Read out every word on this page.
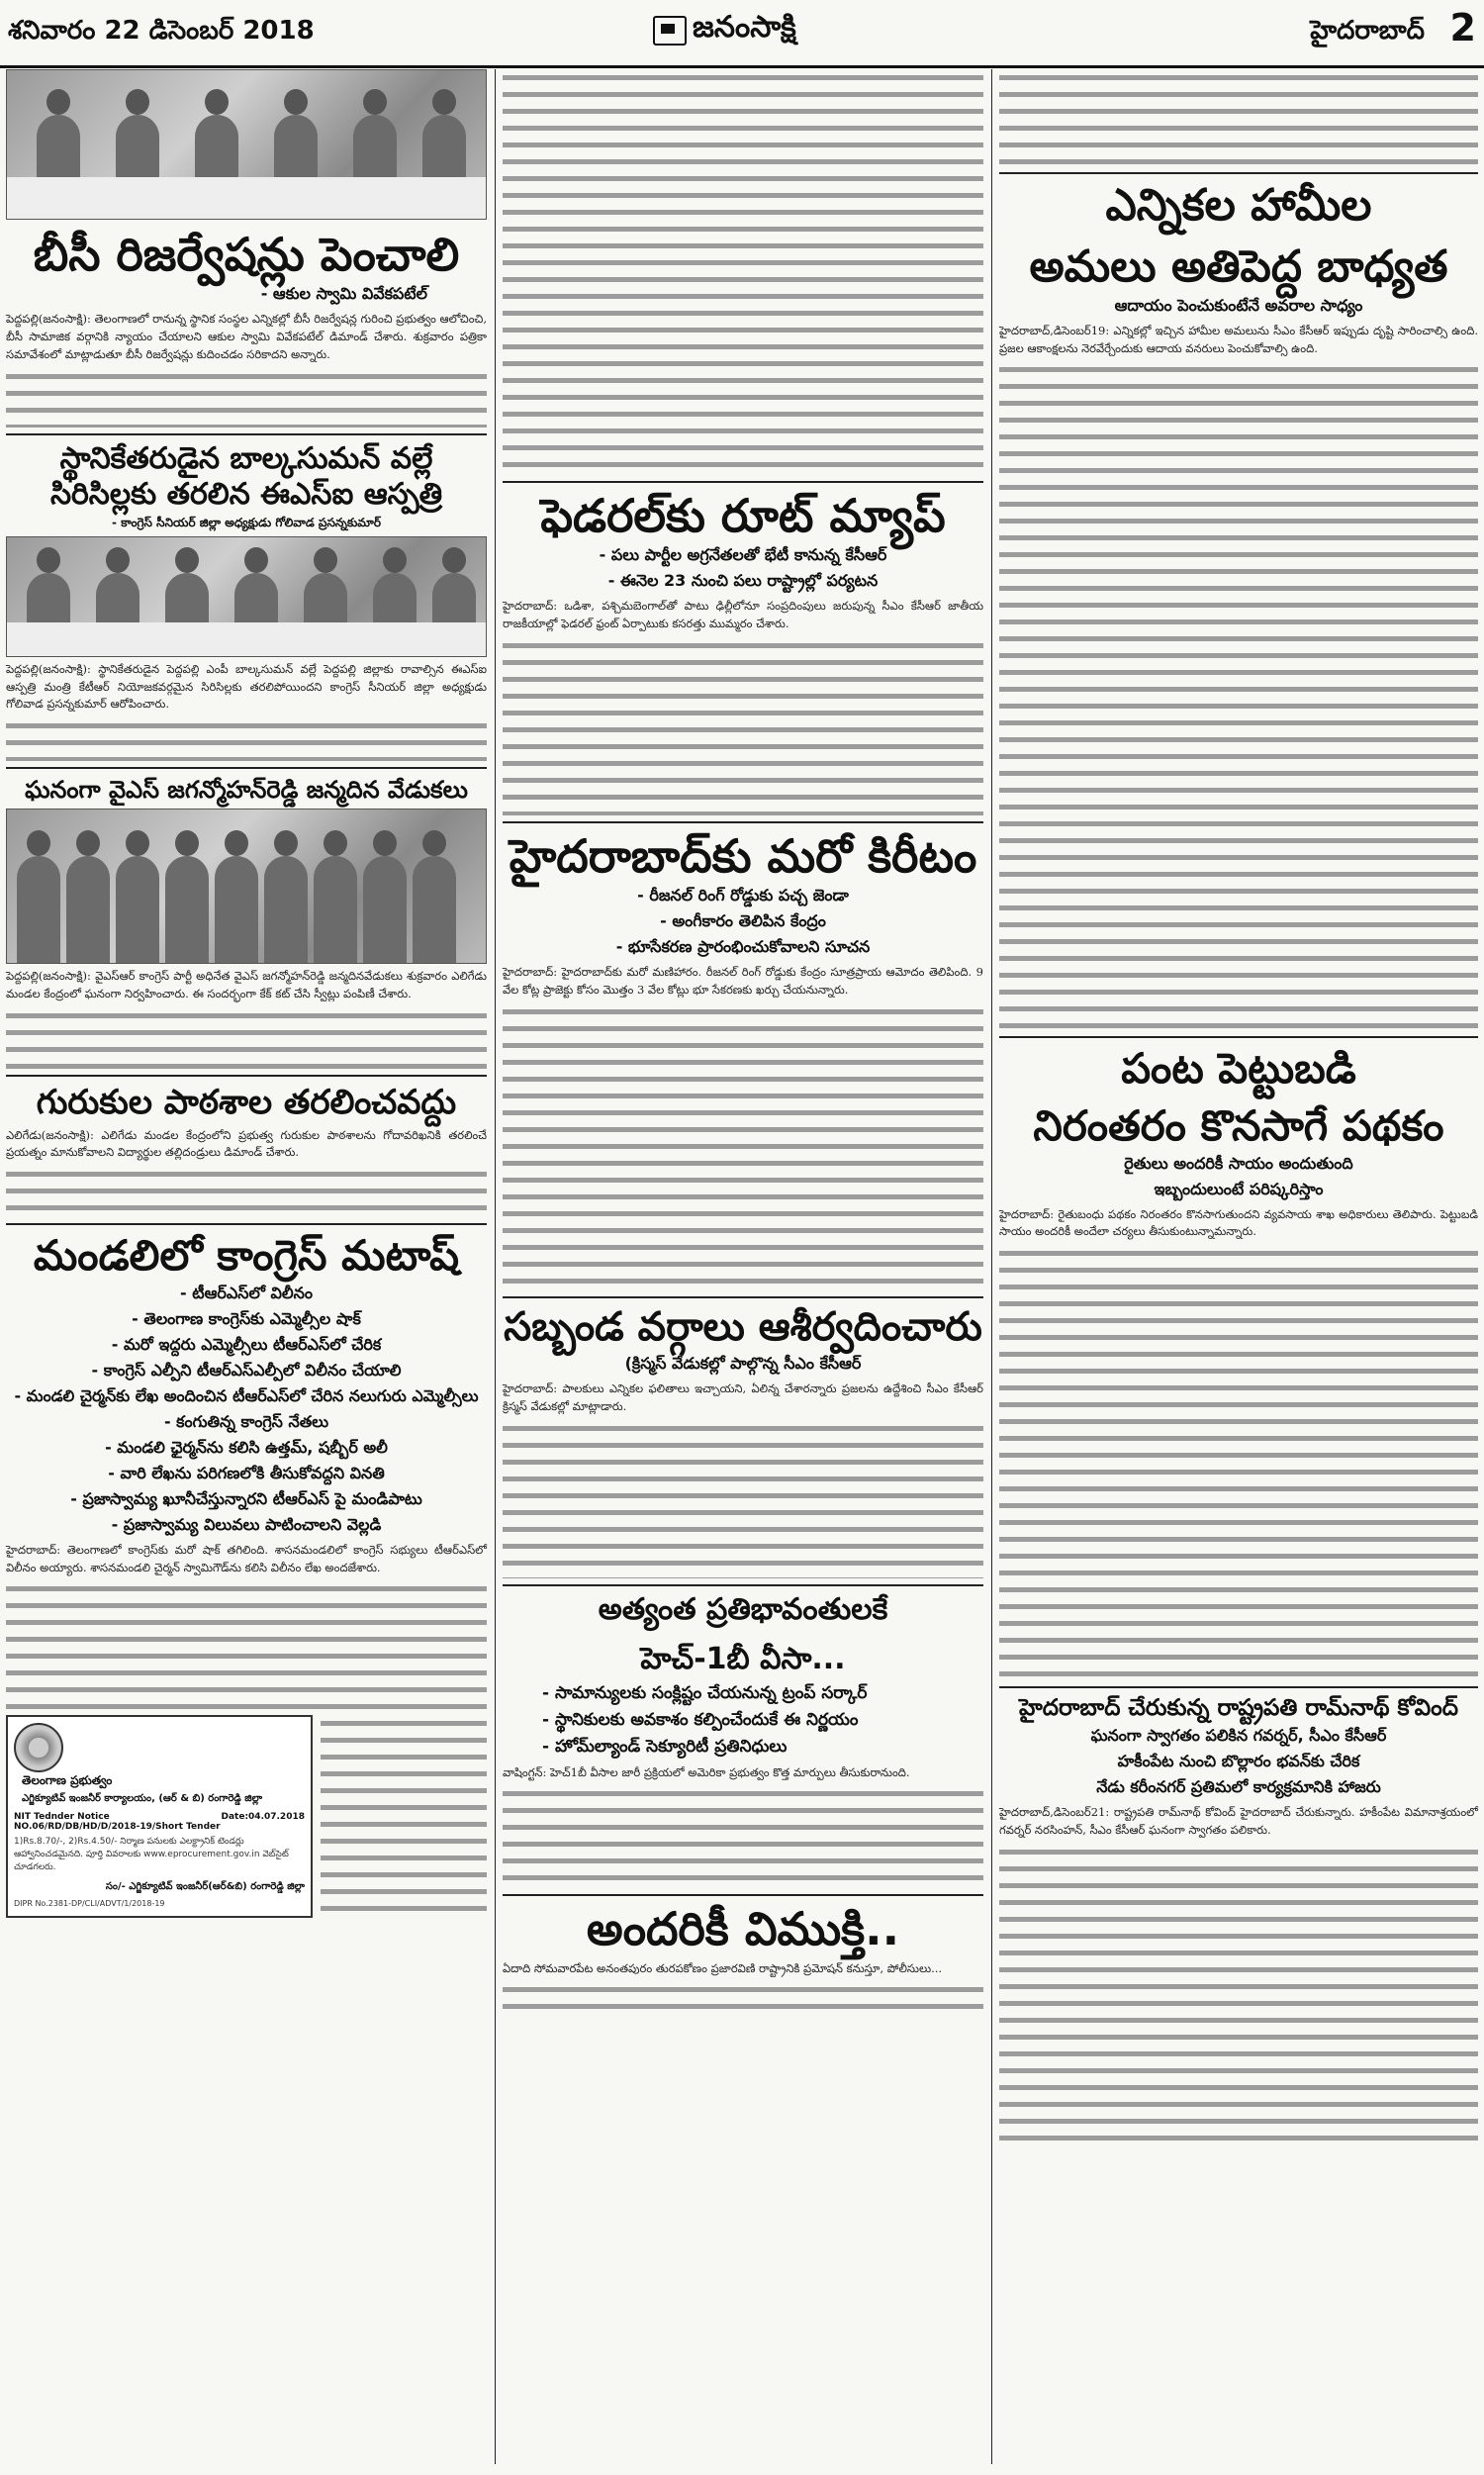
శనివారం 22 డిసెంబర్ 2018	జనంసాక్షి	హైదరాబాద్ 2
బీసీ రిజర్వేషన్లు పెంచాలి
- ఆకుల స్వామి వివేకపటేల్

పెద్దపల్లి(జనంసాక్షి): తెలంగాణలో రానున్న స్థానిక సంస్థల ఎన్నికల్లో బీసీ రిజర్వేషన్ల గురించి ప్రభుత్వం ఆలోచించి, బీసీ సామాజిక వర్గానికి న్యాయం చేయాలని ఆకుల స్వామి వివేకపటేల్ డిమాండ్ చేశారు. శుక్రవారం పత్రికా సమావేశంలో మాట్లాడుతూ బీసీ రిజర్వేషన్లు కుదించడం సరికాదని అన్నారు.

స్థానికేతరుడైన బాల్కసుమన్ వల్లే సిరిసిల్లకు తరలిన ఈఎస్ఐ ఆస్పత్రి
- కాంగ్రెస్ సీనియర్ జిల్లా అధ్యక్షుడు గోలివాడ ప్రసన్నకుమార్

పెద్దపల్లి(జనంసాక్షి): స్థానికేతరుడైన పెద్దపల్లి ఎంపీ బాల్కసుమన్ వల్లే పెద్దపల్లి జిల్లాకు రావాల్సిన ఈఎస్ఐ ఆస్పత్రి మంత్రి కేటీఆర్ నియోజకవర్గమైన సిరిసిల్లకు తరలిపోయిందని కాంగ్రెస్ సీనియర్ జిల్లా అధ్యక్షుడు గోలివాడ ప్రసన్నకుమార్ ఆరోపించారు.

ఘనంగా వైఎస్ జగన్మోహన్‌రెడ్డి జన్మదిన వేడుకలు

పెద్దపల్లి(జనంసాక్షి): వైఎస్ఆర్ కాంగ్రెస్ పార్టీ అధినేత వైఎస్ జగన్మోహన్‌రెడ్డి జన్మదినవేడుకలు శుక్రవారం ఎలిగేడు మండల కేంద్రంలో ఘనంగా నిర్వహించారు. ఈ సందర్భంగా కేక్ కట్ చేసి స్వీట్లు పంపిణీ చేశారు.

గురుకుల పాఠశాల తరలించవద్దు

ఎలిగేడు(జనంసాక్షి): ఎలిగేడు మండల కేంద్రంలోని ప్రభుత్వ గురుకుల పాఠశాలను గోదావరిఖనికి తరలించే ప్రయత్నం మానుకోవాలని విద్యార్థుల తల్లిదండ్రులు డిమాండ్ చేశారు.

మండలిలో కాంగ్రెస్ మటాష్
- టీఆర్ఎస్‌లో విలీనం
- తెలంగాణ కాంగ్రెస్‌కు ఎమ్మెల్సీల షాక్
- మరో ఇద్దరు ఎమ్మెల్సీలు టీఆర్ఎస్‌లో చేరిక
- కాంగ్రెస్ ఎల్పీని టీఆర్ఎస్ఎల్పీలో విలీనం చేయాలి
- మండలి చైర్మన్‌కు లేఖ అందించిన టీఆర్ఎస్‌లో చేరిన నలుగురు ఎమ్మెల్సీలు
- కంగుతిన్న కాంగ్రెస్ నేతలు
- మండలి ఛైర్మన్‌ను కలిసి ఉత్తమ్, షబ్బీర్ అలీ
- వారి లేఖను పరిగణలోకి తీసుకోవద్దని వినతి
- ప్రజాస్వామ్య ఖూనీచేస్తున్నారని టీఆర్ఎస్ పై మండిపాటు
- ప్రజాస్వామ్య విలువలు పాటించాలని వెల్లడి

హైదరాబాద్: తెలంగాణలో కాంగ్రెస్‌కు మరో షాక్ తగిలింది. శాసనమండలిలో కాంగ్రెస్ సభ్యులు టీఆర్ఎస్‌లో విలీనం అయ్యారు. శాసనమండలి చైర్మన్ స్వామిగౌడ్‌ను కలిసి విలీనం లేఖ అందజేశారు.

తెలంగాణ ప్రభుత్వం
ఎగ్జిక్యూటివ్ ఇంజనీర్ కార్యాలయం, (ఆర్ & బి) రంగారెడ్డి జిల్లా
NIT Tednder Notice NO.06/RD/DB/HD/D/2018-19/Short Tender
Date:04.07.2018
1)Rs.8.70/-, 2)Rs.4.50/- నిర్మాణ పనులకు ఎలక్ట్రానిక్ టెండర్లు ఆహ్వానించడమైనది. పూర్తి వివరాలకు www.eprocurement.gov.in వెబ్‌సైట్ చూడగలరు.
సం/- ఎగ్జిక్యూటివ్ ఇంజనీర్(ఆర్&బి) రంగారెడ్డి జిల్లా
DIPR No.2381-DP/CLI/ADVT/1/2018-19
ఫెడరల్‌కు రూట్ మ్యాప్
- పలు పార్టీల అగ్రనేతలతో భేటీ కానున్న కేసీఆర్
- ఈనెల 23 నుంచి పలు రాష్ట్రాల్లో పర్యటన

హైదరాబాద్: ఒడిశా, పశ్చిమబెంగాల్‌తో పాటు ఢిల్లీలోనూ సంప్రదింపులు జరుపున్న సీఎం కేసీఆర్ జాతీయ రాజకీయాల్లో ఫెడరల్ ఫ్రంట్ ఏర్పాటుకు కసరత్తు ముమ్మరం చేశారు.

హైదరాబాద్‌కు మరో కిరీటం
- రీజనల్ రింగ్ రోడ్డుకు పచ్చ జెండా
- అంగీకారం తెలిపిన కేంద్రం
- భూసేకరణ ప్రారంభించుకోవాలని సూచన

హైదరాబాద్: హైదరాబాద్‌కు మరో మణిహారం. రీజనల్ రింగ్ రోడ్డుకు కేంద్రం సూత్రప్రాయ ఆమోదం తెలిపింది. 9 వేల కోట్ల ప్రాజెక్టు కోసం మొత్తం 3 వేల కోట్లు భూ సేకరణకు ఖర్చు చేయనున్నారు.

సబ్బండ వర్గాలు ఆశీర్వదించారు
(క్రిస్మస్ వేడుకల్లో పాల్గొన్న సీఎం కేసీఆర్

హైదరాబాద్: పాలకులు ఎన్నికల ఫలితాలు ఇచ్చాయని, ఏలిన్న చేశారన్నారు ప్రజలను ఉద్దేశించి సీఎం కేసీఆర్ క్రిస్మస్ వేడుకల్లో మాట్లాడారు.

అత్యంత ప్రతిభావంతులకే
హెచ్-1బీ వీసా...
- సామాన్యులకు సంక్లిష్టం చేయనున్న ట్రంప్ సర్కార్
- స్థానికులకు అవకాశం కల్పించేందుకే ఈ నిర్ణయం
- హోమ్‌ల్యాండ్ సెక్యూరిటీ ప్రతినిధులు

వాషింగ్టన్: హెచ్1బీ వీసాల జారీ ప్రక్రియలో అమెరికా ప్రభుత్వం కొత్త మార్పులు తీసుకురానుంది.

అందరికీ విముక్తి..

ఏదాది సోమవారపేట అనంతపురం తురపకోణం ప్రజారవిణి రాష్ట్రానికి ప్రమోషన్ కనుస్తూ, పోలీసులు...

ఎన్నికల హామీల
అమలు అతిపెద్ద బాధ్యత
ఆదాయం పెంచుకుంటేనే అవరాల సాధ్యం

హైదరాబాద్,డిసెంబర్19: ఎన్నికల్లో ఇచ్చిన హామీల అమలును సీఎం కేసీఆర్ ఇప్పుడు దృష్టి సారించాల్సి ఉంది. ప్రజల ఆకాంక్షలను నెరవేర్చేందుకు ఆదాయ వనరులు పెంచుకోవాల్సి ఉంది.

పంట పెట్టుబడి
నిరంతరం కొనసాగే పథకం
రైతులు అందరికీ సాయం అందుతుంది
ఇబ్బందులుంటే పరిష్కరిస్తాం

హైదరాబాద్: రైతుబంధు పథకం నిరంతరం కొనసాగుతుందని వ్యవసాయ శాఖ అధికారులు తెలిపారు. పెట్టుబడి సాయం అందరికీ అందేలా చర్యలు తీసుకుంటున్నామన్నారు.

హైదరాబాద్ చేరుకున్న రాష్ట్రపతి రామ్‌నాథ్ కోవింద్
ఘనంగా స్వాగతం పలికిన గవర్నర్, సీఎం కేసీఆర్
హకీంపేట నుంచి బొల్లారం భవన్‌కు చేరిక
నేడు కరీంనగర్ ప్రతిమలో కార్యక్రమానికి హాజరు

హైదరాబాద్,డిసెంబర్21: రాష్ట్రపతి రామ్‌నాథ్ కోవింద్ హైదరాబాద్ చేరుకున్నారు. హకీంపేట విమానాశ్రయంలో గవర్నర్ నరసింహన్, సీఎం కేసీఆర్ ఘనంగా స్వాగతం పలికారు.
